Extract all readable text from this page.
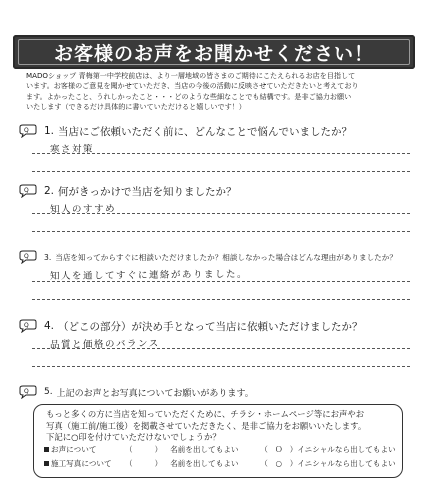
お客様のお声をお聞かせください！
MADOショップ 青梅第一中学校前店は、より一層地域の皆さまのご期待にこたえられるお店を目指して
います。お客様のご意見を聞かせていただき、当店の今後の活動に反映させていただきたいと考えており
ます。よかったこと、うれしかったこと・・・どのような些細なことでも結構です。是非ご協力お願い
いたします（できるだけ具体的に書いていただけると嬉しいです！）
Q 1. 当店にご依頼いただく前に、どんなことで悩んでいましたか？
寒さ対策
Q 2. 何がきっかけで当店を知りましたか？
知人のすすめ
Q 3. 当店を知ってからすぐに相談いただけましたか？相談しなかった場合はどんな理由がありましたか？
知人を通してすぐに連絡がありました。
Q 4. （どこの部分）が決め手となって当店に依頼いただけましたか？
品質と価格のバランス
Q 5. 上記のお声とお写真についてお願いがあります。
もっと多くの方に当店を知っていただくために、チラシ・ホームページ等にお声やお
写真（施工前/施工後）を掲載させていただきたく、是非ご協力をお願いいたします。
下記に○印を付けていただけないでしょうか？
お声について	（	） 名前を出してもよい	（ Ｏ ） イニシャルなら出してもよい
施工写真について	（	） 名前を出してもよい	（	○	） イニシャルなら出してもよい
